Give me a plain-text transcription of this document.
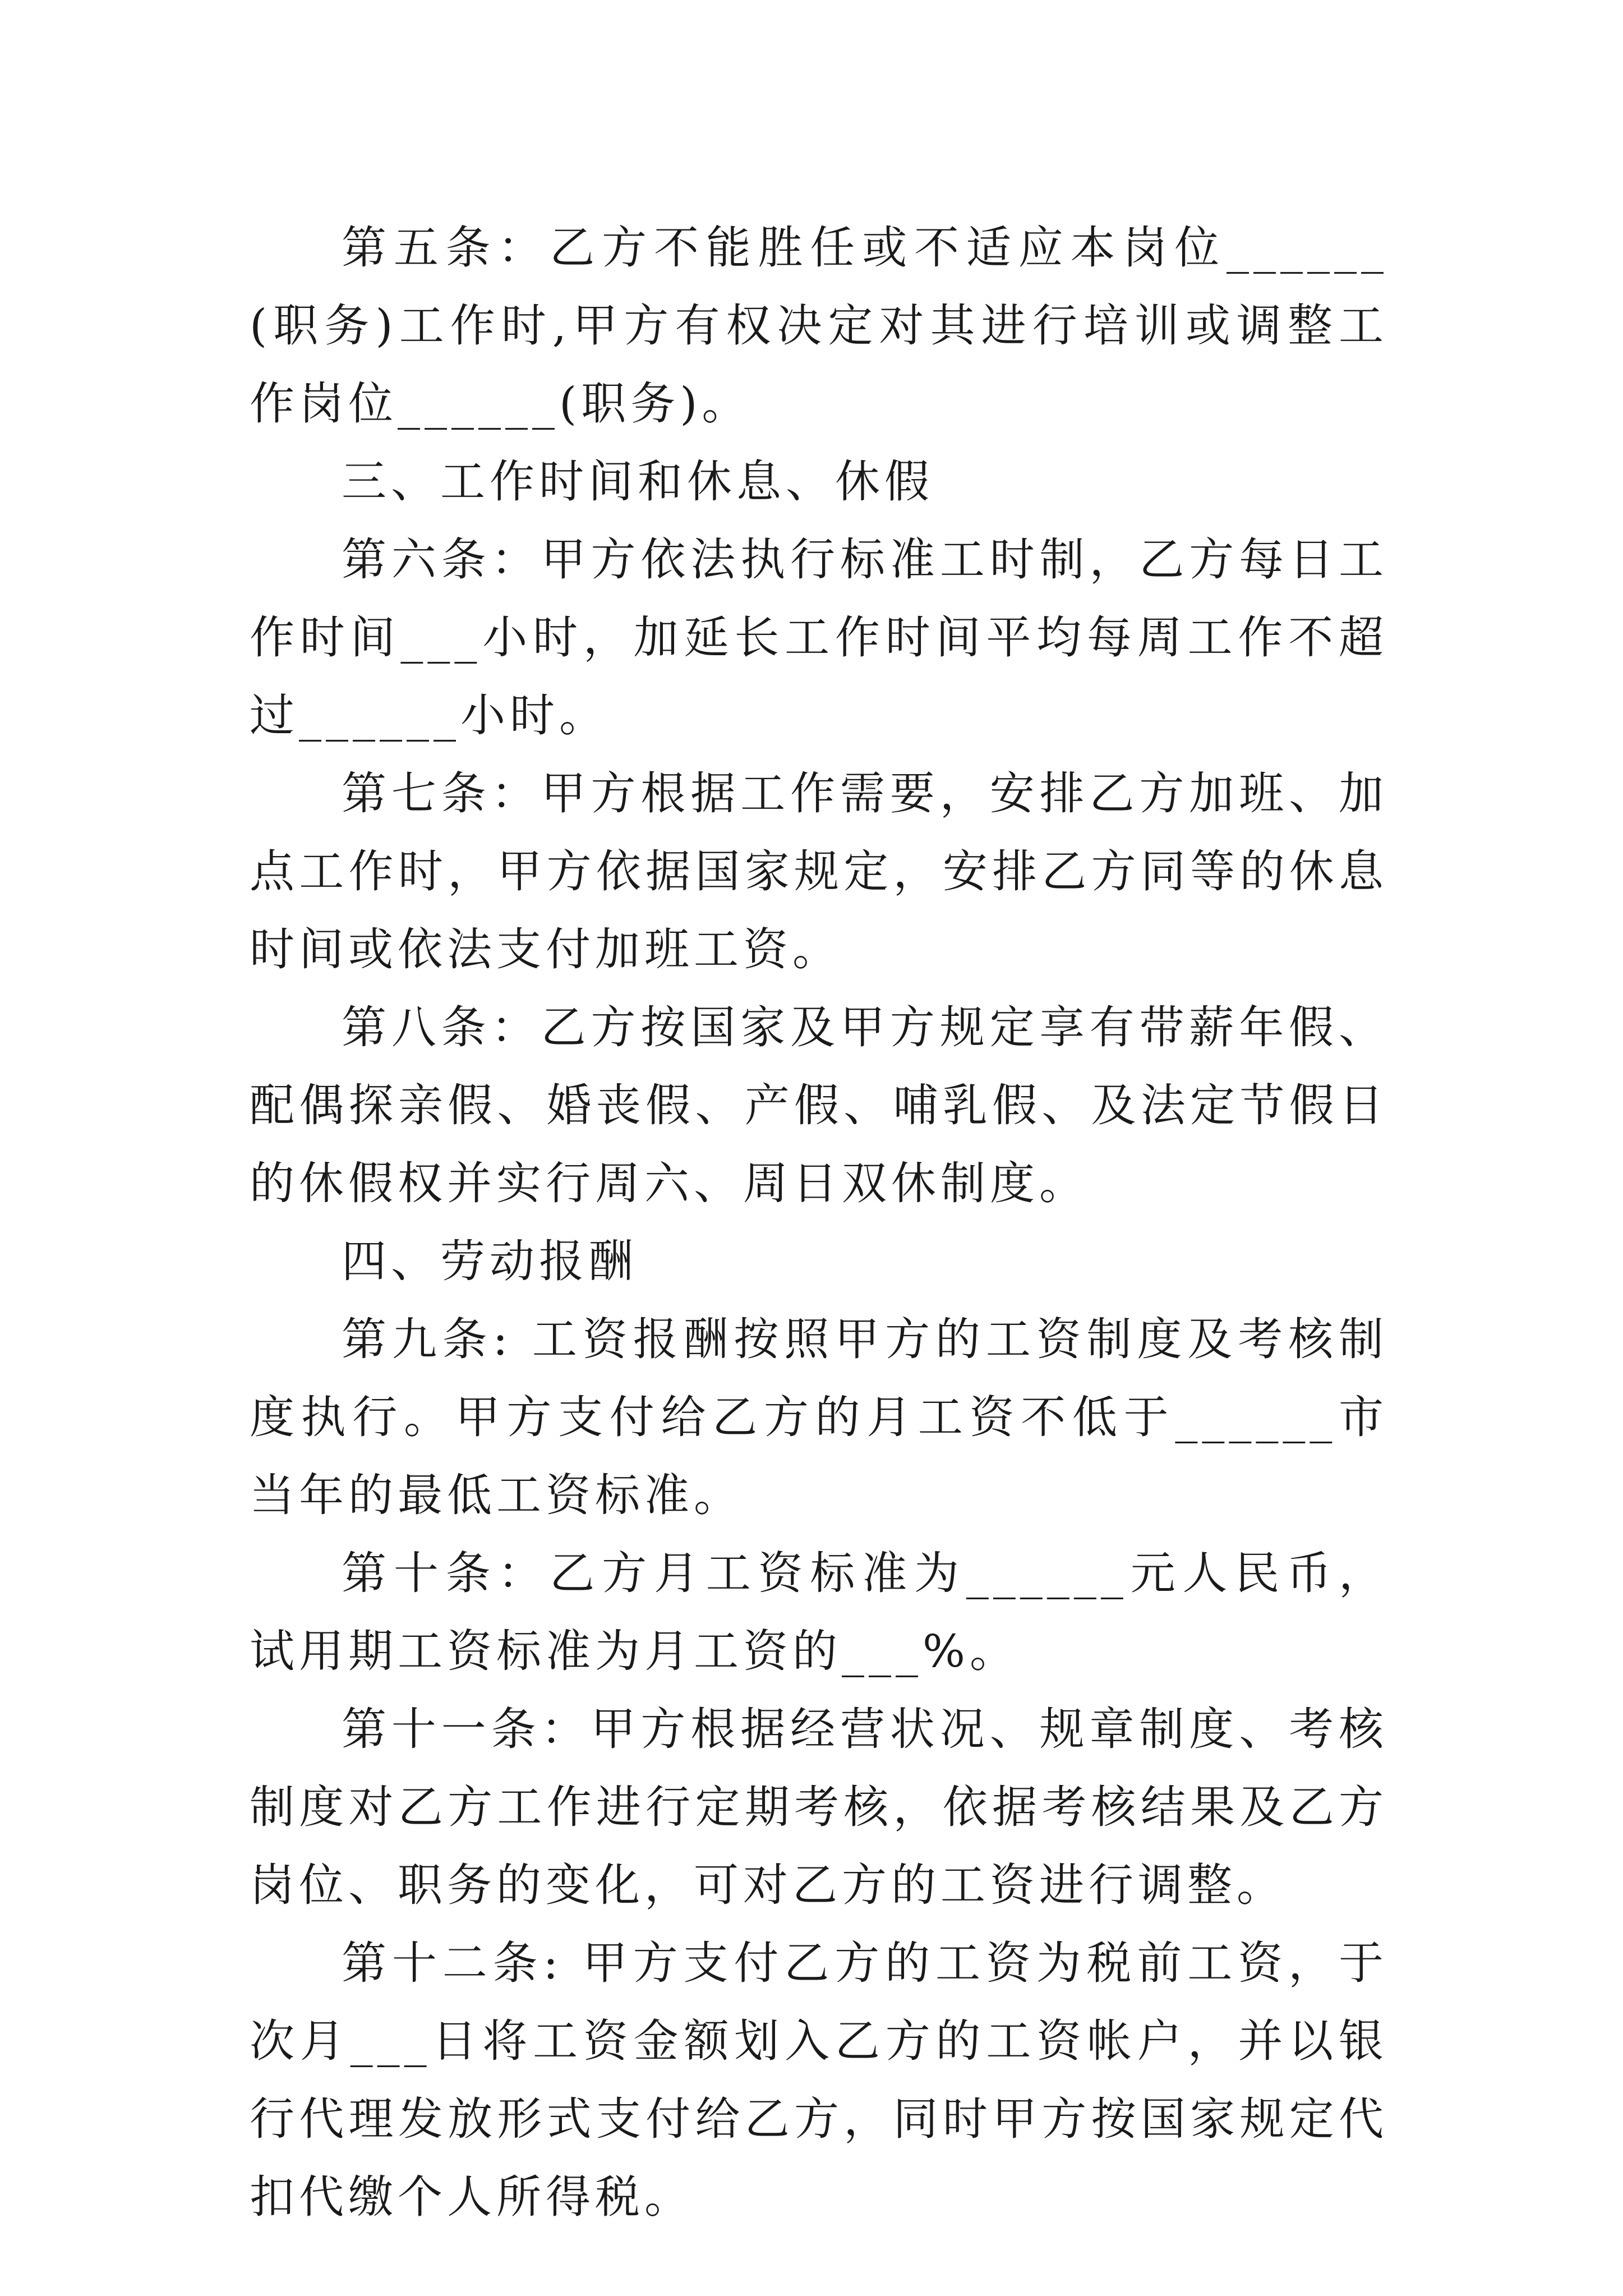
第五条：乙方不能胜任或不适应本岗位______(职务)工作时,甲方有权决定对其进行培训或调整工作岗位______(职务)。

三、工作时间和休息、休假

第六条：甲方依法执行标准工时制，乙方每日工作时间___小时，加延长工作时间平均每周工作不超过______小时。

第七条：甲方根据工作需要，安排乙方加班、加点工作时，甲方依据国家规定，安排乙方同等的休息时间或依法支付加班工资。

第八条：乙方按国家及甲方规定享有带薪年假、配偶探亲假、婚丧假、产假、哺乳假、及法定节假日的休假权并实行周六、周日双休制度。

四、劳动报酬

第九条: 工资报酬按照甲方的工资制度及考核制度执行。甲方支付给乙方的月工资不低于______市当年的最低工资标准。

第十条：乙方月工资标准为______元人民币，试用期工资标准为月工资的___%。

第十一条：甲方根据经营状况、规章制度、考核制度对乙方工作进行定期考核，依据考核结果及乙方岗位、职务的变化，可对乙方的工资进行调整。

第十二条: 甲方支付乙方的工资为税前工资，于次月___日将工资金额划入乙方的工资帐户，并以银行代理发放形式支付给乙方，同时甲方按国家规定代扣代缴个人所得税。
